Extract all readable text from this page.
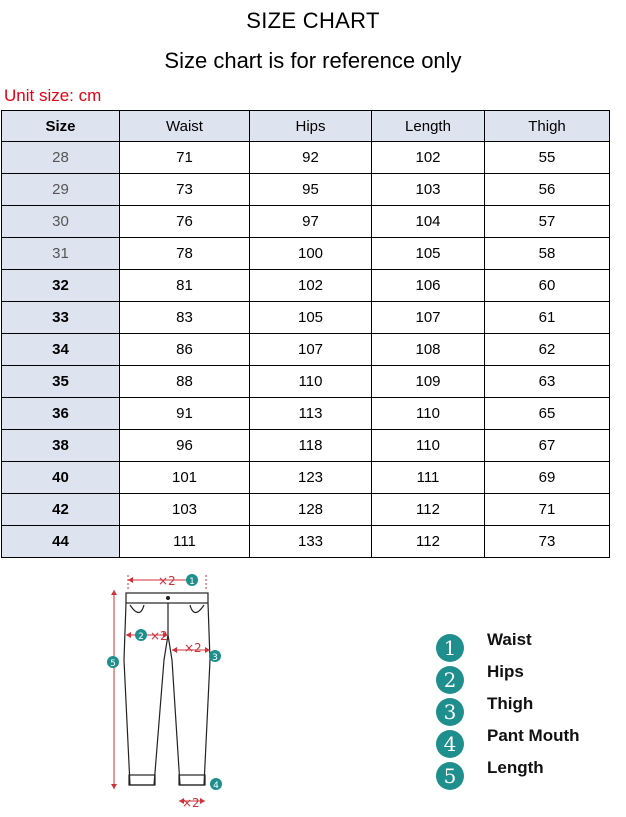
SIZE CHART
Size chart is for reference only
Unit size: cm
Size	Waist	Hips	Length	Thigh
28	71	92	102	55
29	73	95	103	56
30	76	97	104	57
31	78	100	105	58
32	81	102	106	60
33	83	105	107	61
34	86	107	108	62
35	88	110	109	63
36	91	113	110	65
38	96	118	110	67
40	101	123	111	69
42	103	128	112	71
44	111	133	112	73
×2 1
2 ×2
×2
3
5
×2
4
1	Waist
2	Hips
3	Thigh
4	Pant Mouth
5	Length
